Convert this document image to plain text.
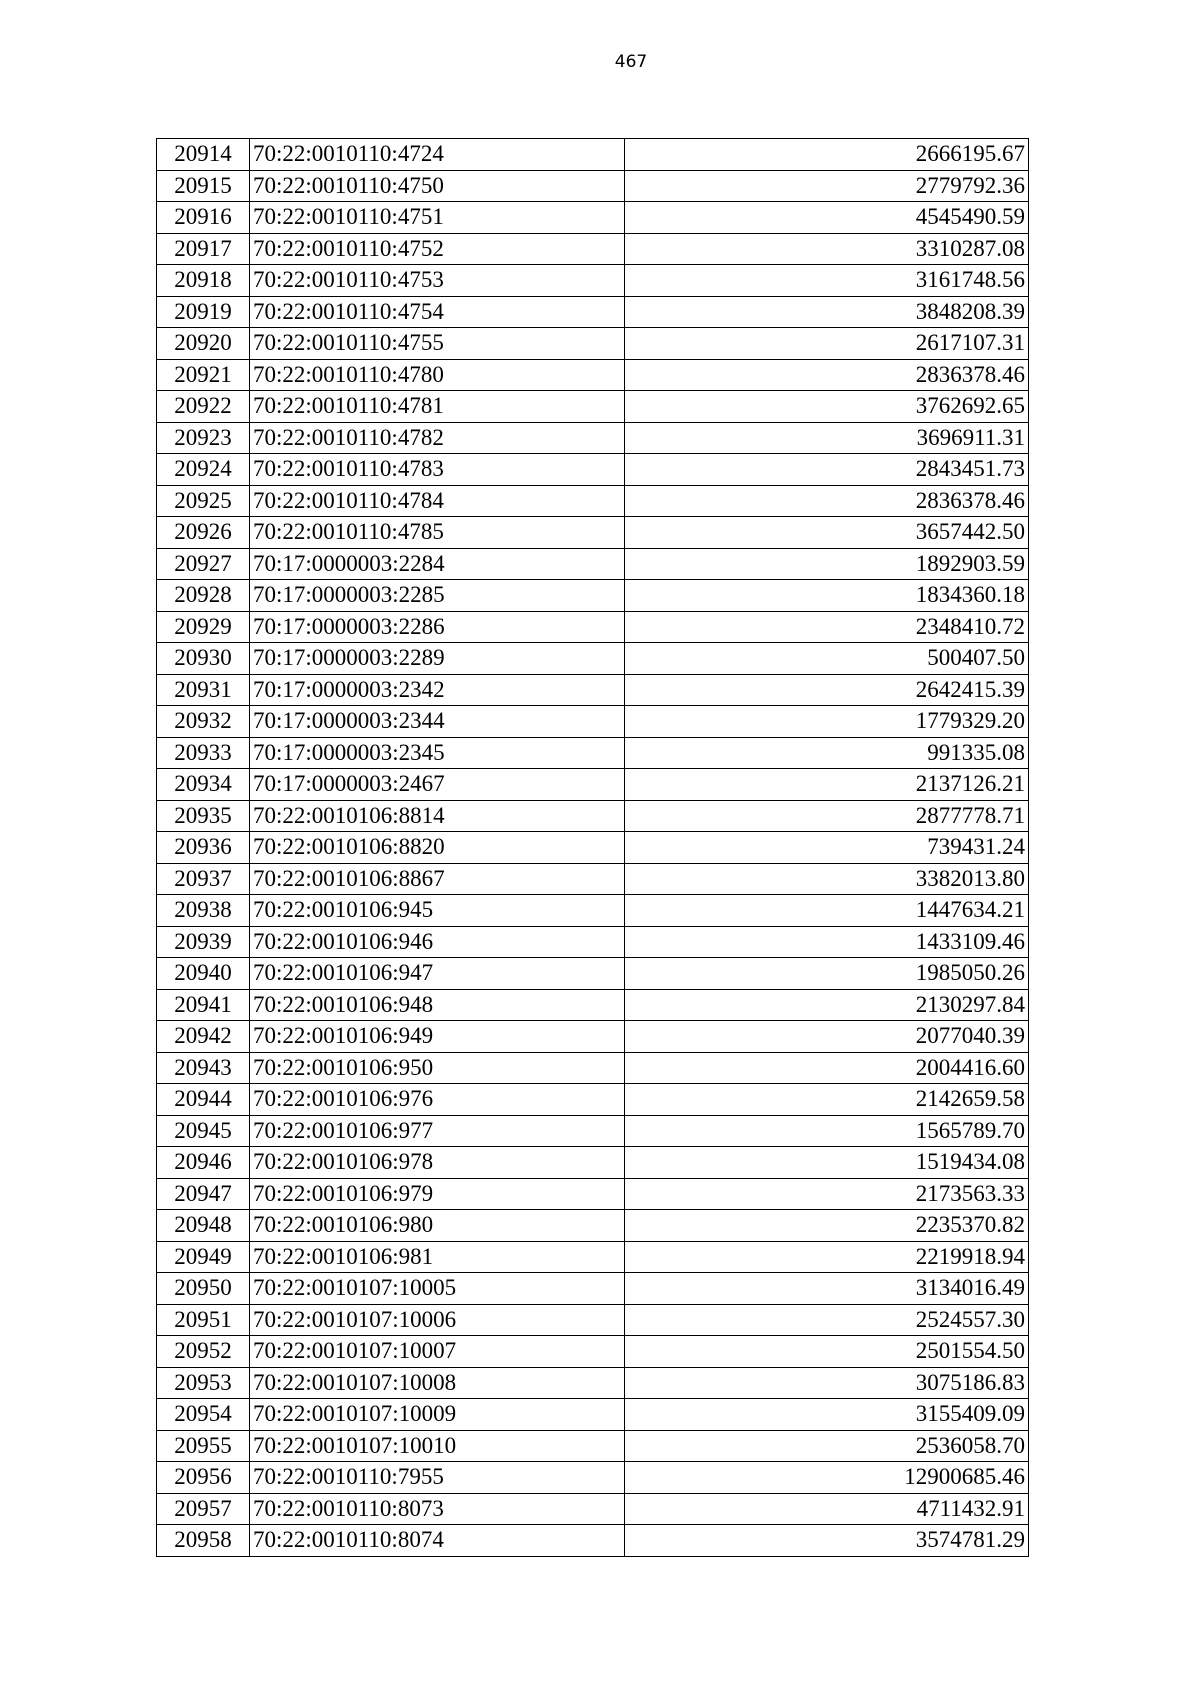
467
20914	70:22:0010110:4724	2666195.67
20915	70:22:0010110:4750	2779792.36
20916	70:22:0010110:4751	4545490.59
20917	70:22:0010110:4752	3310287.08
20918	70:22:0010110:4753	3161748.56
20919	70:22:0010110:4754	3848208.39
20920	70:22:0010110:4755	2617107.31
20921	70:22:0010110:4780	2836378.46
20922	70:22:0010110:4781	3762692.65
20923	70:22:0010110:4782	3696911.31
20924	70:22:0010110:4783	2843451.73
20925	70:22:0010110:4784	2836378.46
20926	70:22:0010110:4785	3657442.50
20927	70:17:0000003:2284	1892903.59
20928	70:17:0000003:2285	1834360.18
20929	70:17:0000003:2286	2348410.72
20930	70:17:0000003:2289	500407.50
20931	70:17:0000003:2342	2642415.39
20932	70:17:0000003:2344	1779329.20
20933	70:17:0000003:2345	991335.08
20934	70:17:0000003:2467	2137126.21
20935	70:22:0010106:8814	2877778.71
20936	70:22:0010106:8820	739431.24
20937	70:22:0010106:8867	3382013.80
20938	70:22:0010106:945	1447634.21
20939	70:22:0010106:946	1433109.46
20940	70:22:0010106:947	1985050.26
20941	70:22:0010106:948	2130297.84
20942	70:22:0010106:949	2077040.39
20943	70:22:0010106:950	2004416.60
20944	70:22:0010106:976	2142659.58
20945	70:22:0010106:977	1565789.70
20946	70:22:0010106:978	1519434.08
20947	70:22:0010106:979	2173563.33
20948	70:22:0010106:980	2235370.82
20949	70:22:0010106:981	2219918.94
20950	70:22:0010107:10005	3134016.49
20951	70:22:0010107:10006	2524557.30
20952	70:22:0010107:10007	2501554.50
20953	70:22:0010107:10008	3075186.83
20954	70:22:0010107:10009	3155409.09
20955	70:22:0010107:10010	2536058.70
20956	70:22:0010110:7955	12900685.46
20957	70:22:0010110:8073	4711432.91
20958	70:22:0010110:8074	3574781.29
